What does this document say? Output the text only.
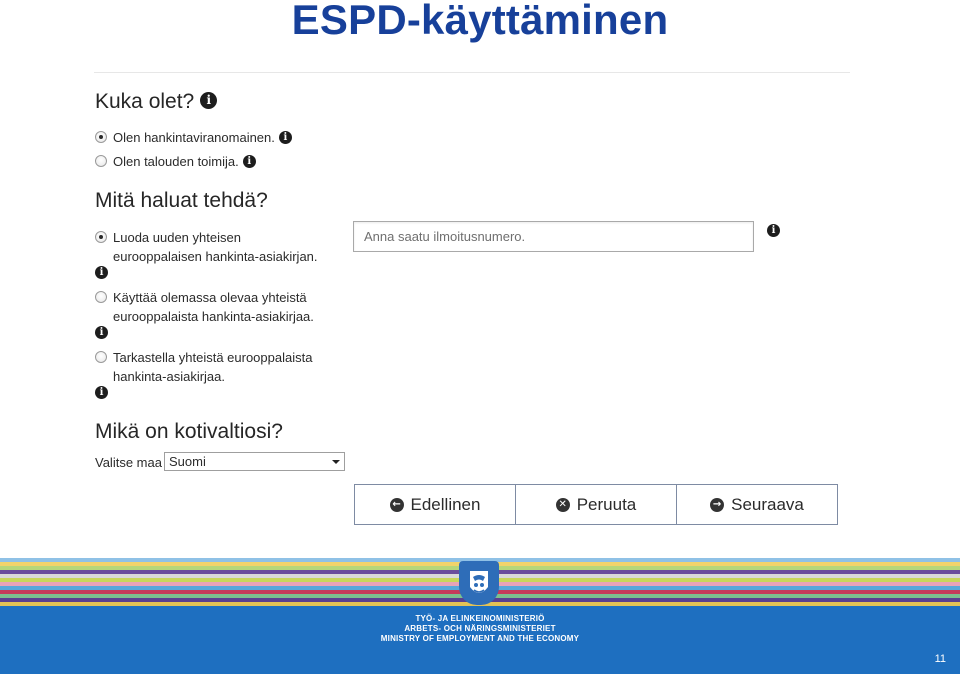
ESPD-käyttäminen
Kuka olet? i
Olen hankintaviranomainen. i
Olen talouden toimija. i
Mitä haluat tehdä?
Luoda uuden yhteisen
eurooppalaisen hankinta-asiakirjan.
i
Käyttää olemassa olevaa yhteistä
eurooppalaista hankinta-asiakirjaa.
i
Tarkastella yhteistä eurooppalaista
hankinta-asiakirjaa.
i
Anna saatu ilmoitusnumero.
i
Mikä on kotivaltiosi?
Valitse maa Suomi
← Edellinen	✕ Peruuta	→ Seuraava
TYÖ- JA ELINKEINOMINISTERIÖ
ARBETS- OCH NÄRINGSMINISTERIET
MINISTRY OF EMPLOYMENT AND THE ECONOMY
11
